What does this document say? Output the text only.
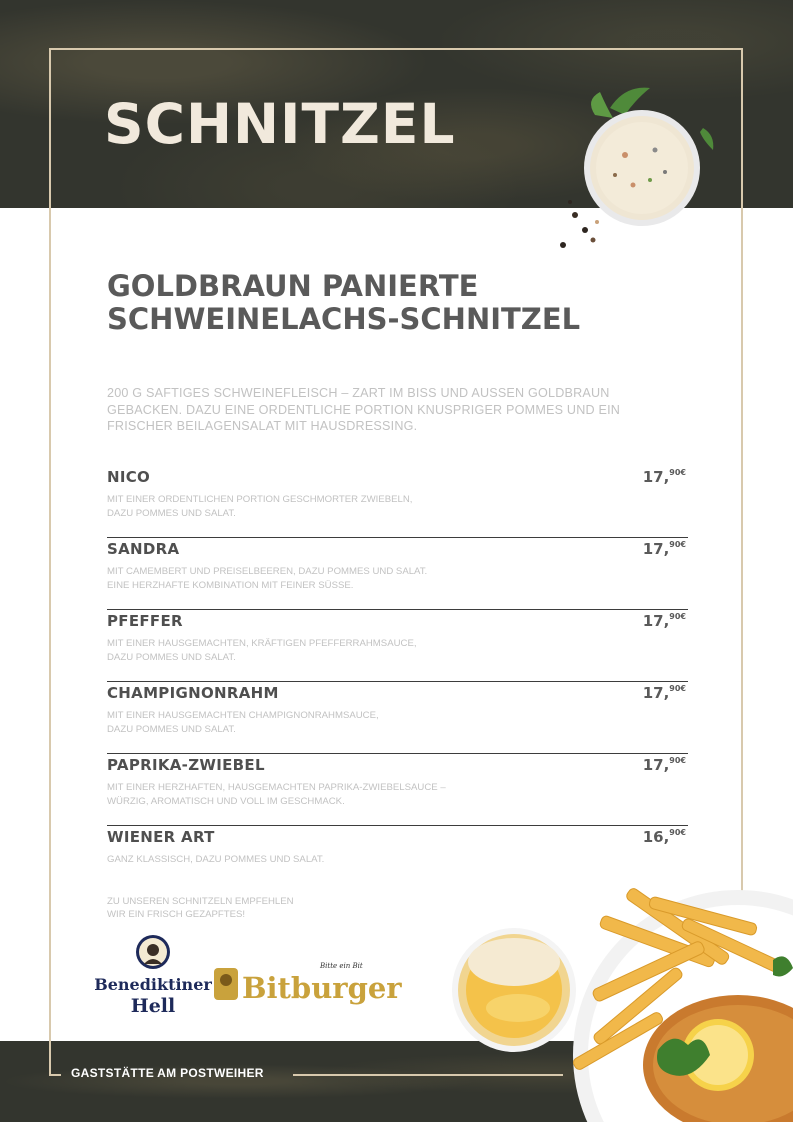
SCHNITZEL
GOLDBRAUN PANIERTE SCHWEINELACHS-SCHNITZEL

200 G SAFTIGES SCHWEINEFLEISCH – ZART IM BISS UND AUSSEN GOLDBRAUN GEBACKEN. DAZU EINE ORDENTLICHE PORTION KNUSPRIGER POMMES UND EIN FRISCHER BEILAGENSALAT MIT HAUSDRESSING.

NICO	17,$^{90€}$
MIT EINER ORDENTLICHEN PORTION GESCHMORTER ZWIEBELN,
DAZU POMMES UND SALAT.
SANDRA	17,$^{90€}$
MIT CAMEMBERT UND PREISELBEEREN, DAZU POMMES UND SALAT.
EINE HERZHAFTE KOMBINATION MIT FEINER SÜSSE.
PFEFFER	17,$^{90€}$
MIT EINER HAUSGEMACHTEN, KRÄFTIGEN PFEFFERRAHMSAUCE,
DAZU POMMES UND SALAT.
CHAMPIGNONRAHM	17,$^{90€}$
MIT EINER HAUSGEMACHTEN CHAMPIGNONRAHMSAUCE,
DAZU POMMES UND SALAT.
PAPRIKA-ZWIEBEL	17,$^{90€}$
MIT EINER HERZHAFTEN, HAUSGEMACHTEN PAPRIKA-ZWIEBELSAUCE –
WÜRZIG, AROMATISCH UND VOLL IM GESCHMACK.
WIENER ART	16,$^{90€}$
GANZ KLASSISCH, DAZU POMMES UND SALAT.

ZU UNSEREN SCHNITZELN EMPFEHLEN
WIR EIN FRISCH GEZAPFTES!

Benediktiner
Hell
Bitte ein Bit
Bitburger
GASTSTÄTTE AM POSTWEIHER
